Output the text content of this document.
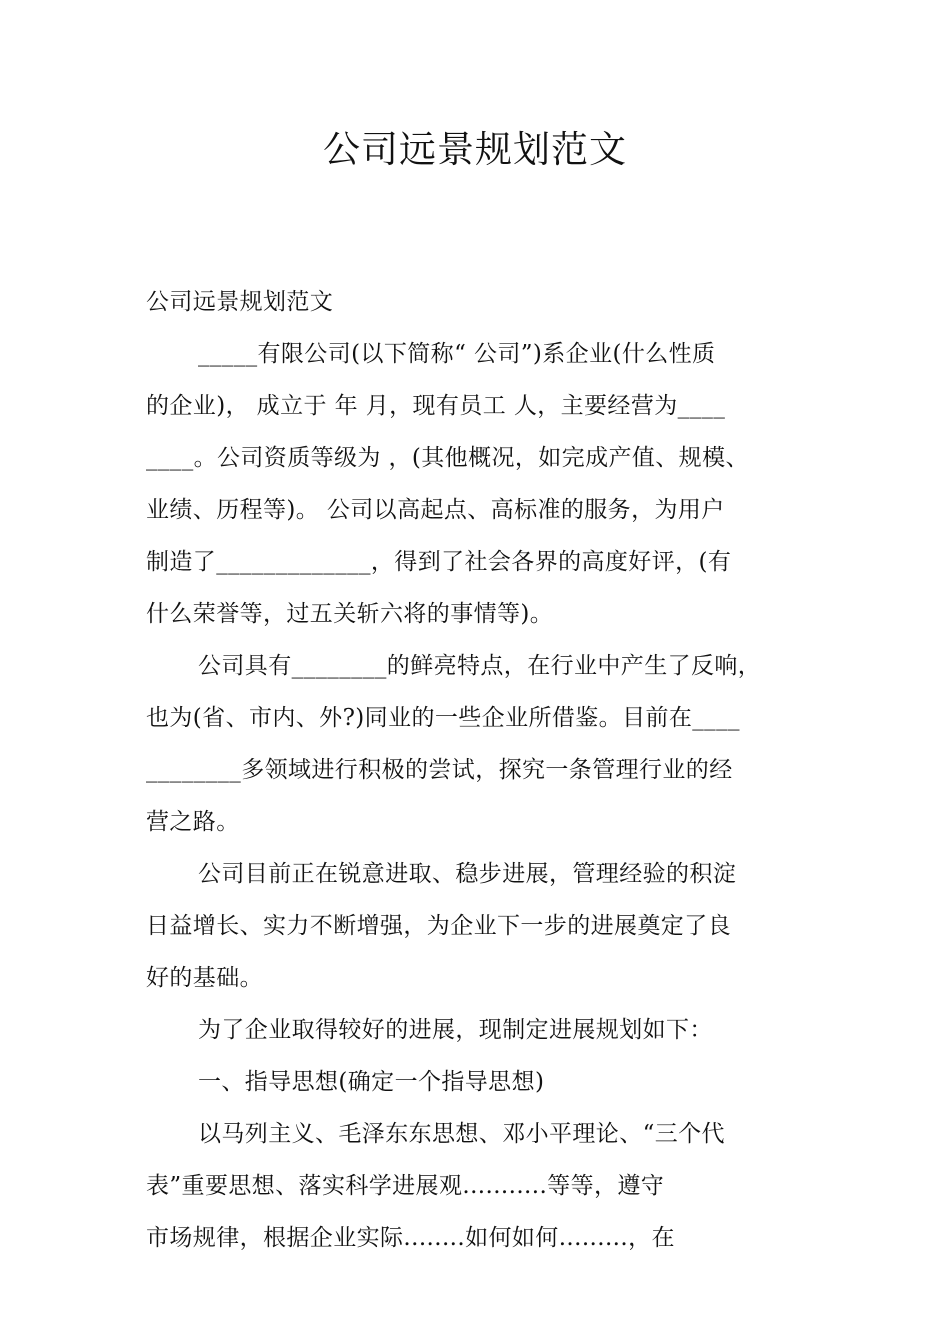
公司远景规划范文
公司远景规划范文
_____有限公司(以下简称“ 公司”)系企业(什么性质
的企业)， 成立于 年 月，现有员工 人，主要经营为____
____。公司资质等级为 ，(其他概况，如完成产值、规模、
业绩、历程等)。 公司以高起点、高标准的服务，为用户
制造了_____________，得到了社会各界的高度好评，(有
什么荣誉等，过五关斩六将的事情等)。
公司具有________的鲜亮特点，在行业中产生了反响，
也为(省、市内、外?)同业的一些企业所借鉴。目前在____
________多领域进行积极的尝试，探究一条管理行业的经
营之路。
公司目前正在锐意进取、稳步进展，管理经验的积淀
日益增长、实力不断增强，为企业下一步的进展奠定了良
好的基础。
为了企业取得较好的进展，现制定进展规划如下：
一、指导思想(确定一个指导思想)
以马列主义、毛泽东东思想、邓小平理论、“三个代
表”重要思想、落实科学进展观...........等等，遵守
市场规律，根据企业实际........如何如何.........，在
